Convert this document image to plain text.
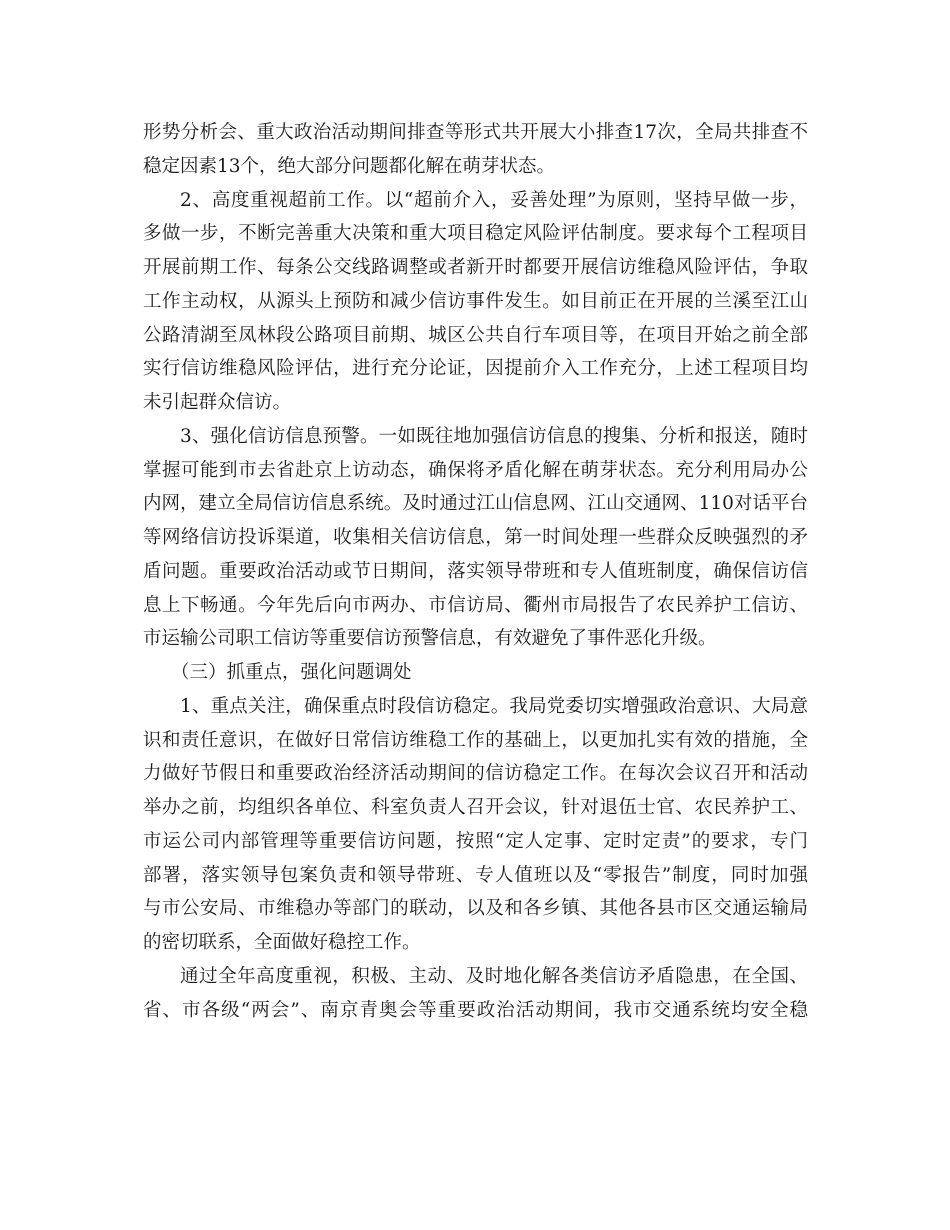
形势分析会、重大政治活动期间排查等形式共开展大小排查17次，全局共排查不
稳定因素13个，绝大部分问题都化解在萌芽状态。
2、高度重视超前工作。以“超前介入，妥善处理”为原则，坚持早做一步，
多做一步，不断完善重大决策和重大项目稳定风险评估制度。要求每个工程项目
开展前期工作、每条公交线路调整或者新开时都要开展信访维稳风险评估，争取
工作主动权，从源头上预防和减少信访事件发生。如目前正在开展的兰溪至江山
公路清湖至凤林段公路项目前期、城区公共自行车项目等，在项目开始之前全部
实行信访维稳风险评估，进行充分论证，因提前介入工作充分，上述工程项目均
未引起群众信访。
3、强化信访信息预警。一如既往地加强信访信息的搜集、分析和报送，随时
掌握可能到市去省赴京上访动态，确保将矛盾化解在萌芽状态。充分利用局办公
内网，建立全局信访信息系统。及时通过江山信息网、江山交通网、110对话平台
等网络信访投诉渠道，收集相关信访信息，第一时间处理一些群众反映强烈的矛
盾问题。重要政治活动或节日期间，落实领导带班和专人值班制度，确保信访信
息上下畅通。今年先后向市两办、市信访局、衢州市局报告了农民养护工信访、
市运输公司职工信访等重要信访预警信息，有效避免了事件恶化升级。
（三）抓重点，强化问题调处
1、重点关注，确保重点时段信访稳定。我局党委切实增强政治意识、大局意
识和责任意识，在做好日常信访维稳工作的基础上，以更加扎实有效的措施，全
力做好节假日和重要政治经济活动期间的信访稳定工作。在每次会议召开和活动
举办之前，均组织各单位、科室负责人召开会议，针对退伍士官、农民养护工、
市运公司内部管理等重要信访问题，按照“定人定事、定时定责”的要求，专门
部署，落实领导包案负责和领导带班、专人值班以及“零报告”制度，同时加强
与市公安局、市维稳办等部门的联动，以及和各乡镇、其他各县市区交通运输局
的密切联系，全面做好稳控工作。
通过全年高度重视，积极、主动、及时地化解各类信访矛盾隐患，在全国、
省、市各级“两会”、南京青奥会等重要政治活动期间，我市交通系统均安全稳
